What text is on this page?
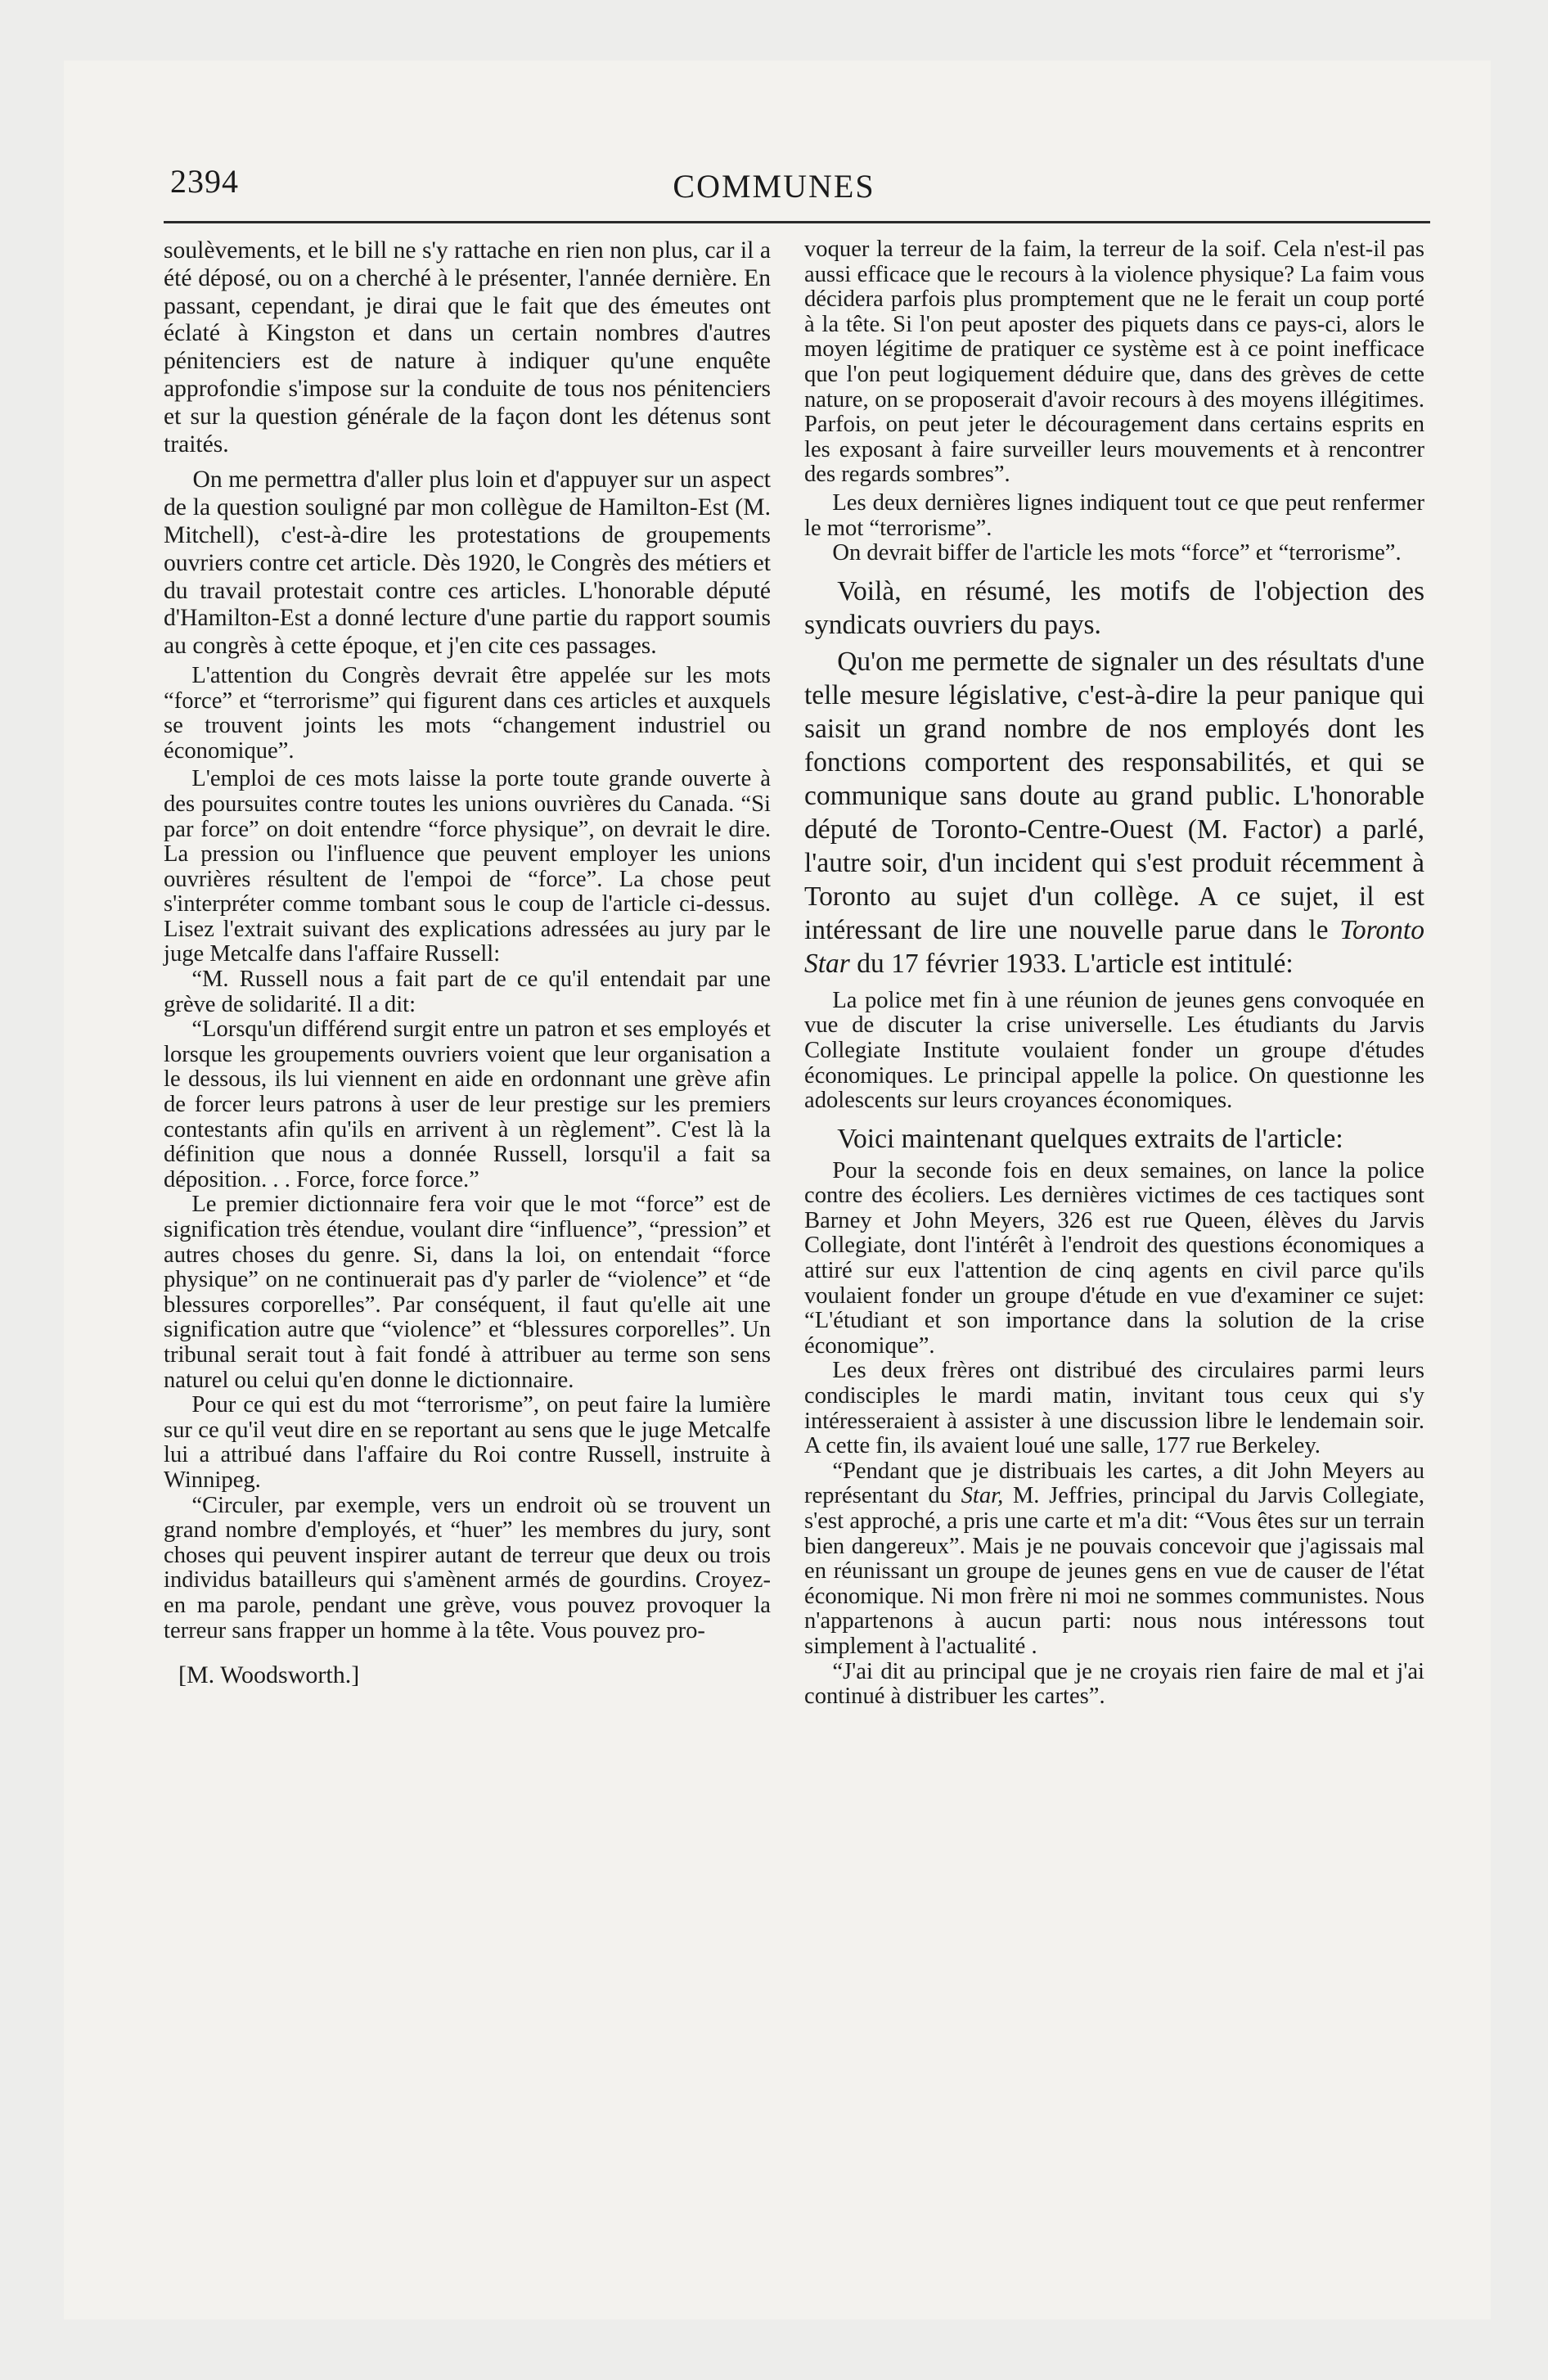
2394	COMMUNES

soulèvements, et le bill ne s'y rattache en rien non plus, car il a été déposé, ou on a cherché à le présenter, l'année dernière. En passant, cependant, je dirai que le fait que des émeutes ont éclaté à Kingston et dans un certain nombres d'autres pénitenciers est de nature à indiquer qu'une enquête approfondie s'impose sur la conduite de tous nos pénitenciers et sur la question générale de la façon dont les détenus sont traités.

On me permettra d'aller plus loin et d'appuyer sur un aspect de la question souligné par mon collègue de Hamilton-Est (M. Mitchell), c'est-à-dire les protestations de groupements ouvriers contre cet article. Dès 1920, le Congrès des métiers et du travail protestait contre ces articles. L'honorable député d'Hamilton-Est a donné lecture d'une partie du rapport soumis au congrès à cette époque, et j'en cite ces passages.

L'attention du Congrès devrait être appelée sur les mots “force” et “terrorisme” qui figurent dans ces articles et auxquels se trouvent joints les mots “changement industriel ou économique”.

L'emploi de ces mots laisse la porte toute grande ouverte à des poursuites contre toutes les unions ouvrières du Canada. “Si par force” on doit entendre “force physique”, on devrait le dire. La pression ou l'influence que peuvent employer les unions ouvrières résultent de l'empoi de “force”. La chose peut s'interpréter comme tombant sous le coup de l'article ci-dessus. Lisez l'extrait suivant des explications adressées au jury par le juge Metcalfe dans l'affaire Russell:

“M. Russell nous a fait part de ce qu'il entendait par une grève de solidarité. Il a dit:

“Lorsqu'un différend surgit entre un patron et ses employés et lorsque les groupements ouvriers voient que leur organisation a le dessous, ils lui viennent en aide en ordonnant une grève afin de forcer leurs patrons à user de leur prestige sur les premiers contestants afin qu'ils en arrivent à un règlement”. C'est là la définition que nous a donnée Russell, lorsqu'il a fait sa déposition. . . Force, force force.”

Le premier dictionnaire fera voir que le mot “force” est de signification très étendue, voulant dire “influence”, “pression” et autres choses du genre. Si, dans la loi, on entendait “force physique” on ne continuerait pas d'y parler de “violence” et “de blessures corporelles”. Par conséquent, il faut qu'elle ait une signification autre que “violence” et “blessures corporelles”. Un tribunal serait tout à fait fondé à attribuer au terme son sens naturel ou celui qu'en donne le dictionnaire.

Pour ce qui est du mot “terrorisme”, on peut faire la lumière sur ce qu'il veut dire en se reportant au sens que le juge Metcalfe lui a attribué dans l'affaire du Roi contre Russell, instruite à Winnipeg.

“Circuler, par exemple, vers un endroit où se trouvent un grand nombre d'employés, et “huer” les membres du jury, sont choses qui peuvent inspirer autant de terreur que deux ou trois individus batailleurs qui s'amènent armés de gourdins. Croyez-en ma parole, pendant une grève, vous pouvez provoquer la terreur sans frapper un homme à la tête. Vous pouvez pro-

[M. Woodsworth.]

voquer la terreur de la faim, la terreur de la soif. Cela n'est-il pas aussi efficace que le recours à la violence physique? La faim vous décidera parfois plus promptement que ne le ferait un coup porté à la tête. Si l'on peut aposter des piquets dans ce pays-ci, alors le moyen légitime de pratiquer ce système est à ce point inefficace que l'on peut logiquement déduire que, dans des grèves de cette nature, on se proposerait d'avoir recours à des moyens illégitimes. Parfois, on peut jeter le découragement dans certains esprits en les exposant à faire surveiller leurs mouvements et à rencontrer des regards sombres”.

Les deux dernières lignes indiquent tout ce que peut renfermer le mot “terrorisme”.

On devrait biffer de l'article les mots “force” et “terrorisme”.

Voilà, en résumé, les motifs de l'objection des syndicats ouvriers du pays.

Qu'on me permette de signaler un des résultats d'une telle mesure législative, c'est-à-dire la peur panique qui saisit un grand nombre de nos employés dont les fonctions comportent des responsabilités, et qui se communique sans doute au grand public. L'honorable député de Toronto-Centre-Ouest (M. Factor) a parlé, l'autre soir, d'un incident qui s'est produit récemment à Toronto au sujet d'un collège. A ce sujet, il est intéressant de lire une nouvelle parue dans le Toronto Star du 17 février 1933. L'article est intitulé:

La police met fin à une réunion de jeunes gens convoquée en vue de discuter la crise universelle. Les étudiants du Jarvis Collegiate Institute voulaient fonder un groupe d'études économiques. Le principal appelle la police. On questionne les adolescents sur leurs croyances économiques.

Voici maintenant quelques extraits de l'article:

Pour la seconde fois en deux semaines, on lance la police contre des écoliers. Les dernières victimes de ces tactiques sont Barney et John Meyers, 326 est rue Queen, élèves du Jarvis Collegiate, dont l'intérêt à l'endroit des questions économiques a attiré sur eux l'attention de cinq agents en civil parce qu'ils voulaient fonder un groupe d'étude en vue d'examiner ce sujet: “L'étudiant et son importance dans la solution de la crise économique”.

Les deux frères ont distribué des circulaires parmi leurs condisciples le mardi matin, invitant tous ceux qui s'y intéresseraient à assister à une discussion libre le lendemain soir. A cette fin, ils avaient loué une salle, 177 rue Berkeley.

“Pendant que je distribuais les cartes, a dit John Meyers au représentant du Star, M. Jeffries, principal du Jarvis Collegiate, s'est approché, a pris une carte et m'a dit: “Vous êtes sur un terrain bien dangereux”. Mais je ne pouvais concevoir que j'agissais mal en réunissant un groupe de jeunes gens en vue de causer de l'état économique. Ni mon frère ni moi ne sommes communistes. Nous n'appartenons à aucun parti: nous nous intéressons tout simplement à l'actualité .

“J'ai dit au principal que je ne croyais rien faire de mal et j'ai continué à distribuer les cartes”.
